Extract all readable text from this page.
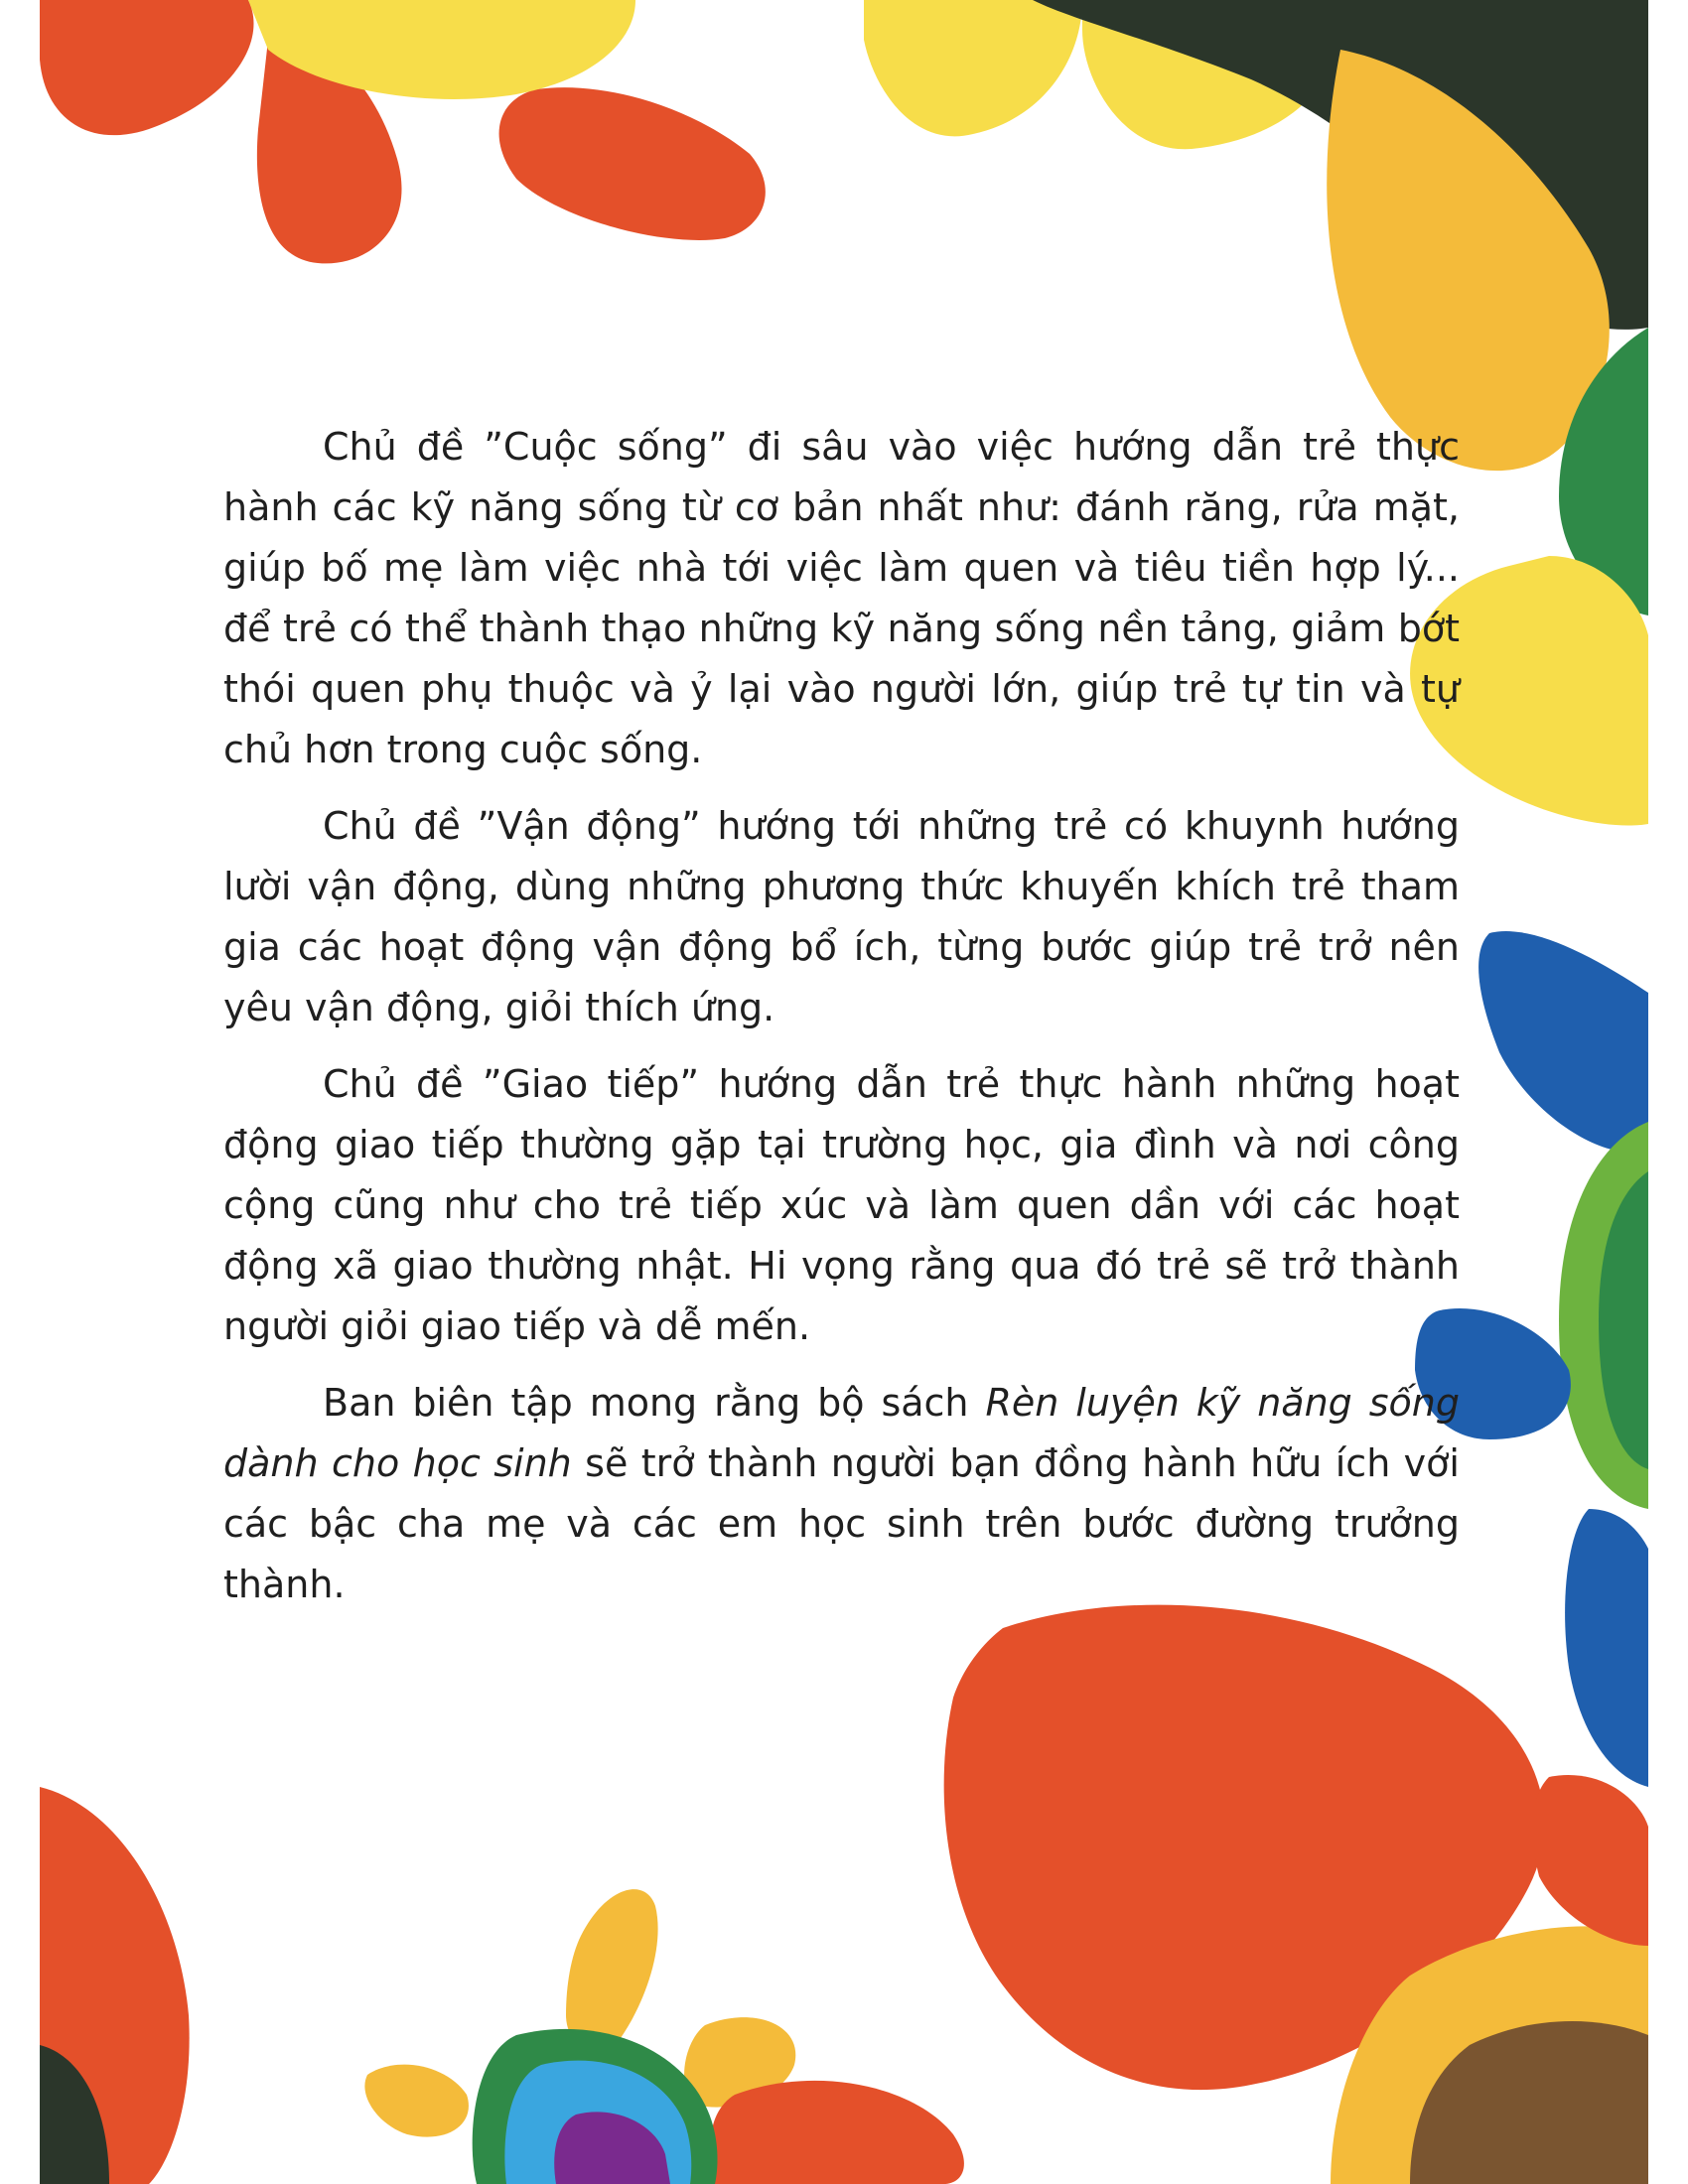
Chủ đề ”Cuộc sống” đi sâu vào việc hướng dẫn trẻ thực hành các kỹ năng sống từ cơ bản nhất như: đánh răng, rửa mặt, giúp bố mẹ làm việc nhà tới việc làm quen và tiêu tiền hợp lý... để trẻ có thể thành thạo những kỹ năng sống nền tảng, giảm bớt thói quen phụ thuộc và ỷ lại vào người lớn, giúp trẻ tự tin và tự chủ hơn trong cuộc sống.

Chủ đề ”Vận động” hướng tới những trẻ có khuynh hướng lười vận động, dùng những phương thức khuyến khích trẻ tham gia các hoạt động vận động bổ ích, từng bước giúp trẻ trở nên yêu vận động, giỏi thích ứng.

Chủ đề ”Giao tiếp” hướng dẫn trẻ thực hành những hoạt động giao tiếp thường gặp tại trường học, gia đình và nơi công cộng cũng như cho trẻ tiếp xúc và làm quen dần với các hoạt động xã giao thường nhật. Hi vọng rằng qua đó trẻ sẽ trở thành người giỏi giao tiếp và dễ mến.

Ban biên tập mong rằng bộ sách Rèn luyện kỹ năng sống dành cho học sinh sẽ trở thành người bạn đồng hành hữu ích với các bậc cha mẹ và các em học sinh trên bước đường trưởng thành.
